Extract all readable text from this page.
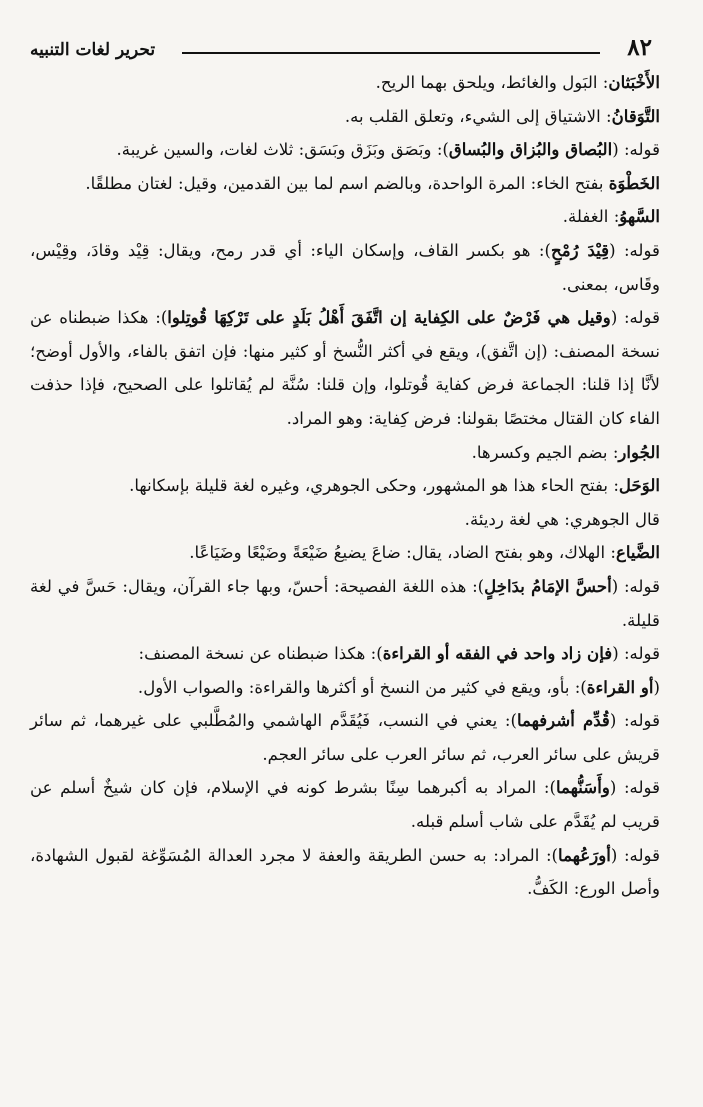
٨٢
تحرير لغات التنبيه

الأَخْبَثان: البَول والغائط، ويلحق بهما الريح.

التَّوَقانُ: الاشتياق إلى الشيء، وتعلق القلب به.

قوله: (البُصاق والبُزاق والبُساق): وبَصَق وبَزَق وبَسَق: ثلاث لغات، والسين غريبة.

الخَطْوَة بفتح الخاء: المرة الواحدة، وبالضم اسم لما بين القدمين، وقيل: لغتان مطلقًا.

السَّهوُ: الغفلة.

قوله: (قِيْدَ رُمْحٍ): هو بكسر القاف، وإسكان الياء: أي قدر رمح، ويقال: قِيْد وقادَ، وقِيْس، وقَاس، بمعنى.

قوله: (وقيل هي فَرْضٌ على الكِفاية إن اتَّفَقَ أَهْلُ بَلَدٍ على تَرْكِهَا قُوتِلوا): هكذا ضبطناه عن نسخة المصنف: (إن اتَّفق)، ويقع في أكثر النُّسخ أو كثير منها: فإن اتفق بالفاء، والأول أوضح؛ لأنَّا إذا قلنا: الجماعة فرض كفاية قُوتلوا، وإن قلنا: سُنَّة لم يُقاتلوا على الصحيح، فإذا حذفت الفاء كان القتال مختصًا بقولنا: فرض كِفاية: وهو المراد.

الجُوار: بضم الجيم وكسرها.

الوَحَل: بفتح الحاء هذا هو المشهور، وحكى الجوهري، وغيره لغة قليلة بإسكانها.

قال الجوهري: هي لغة رديئة.

الضَّياع: الهلاك، وهو بفتح الضاد، يقال: ضاعَ يضيعُ ضَيْعَةً وضَيْعًا وضَيَاعًا.

قوله: (أحسَّ الإمَامُ بدَاخِلٍ): هذه اللغة الفصيحة: أحسّ، وبها جاء القرآن، ويقال: حَسَّ في لغة قليلة.

قوله: (فإن زاد واحد في الفقه أو القراءة): هكذا ضبطناه عن نسخة المصنف:

(أو القراءة): بأو، ويقع في كثير من النسخ أو أكثرها والقراءة: والصواب الأول.

قوله: (قُدِّم أشرفهما): يعني في النسب، فَيُقَدَّم الهاشمي والمُطَّلبي على غيرهما، ثم سائر قريش على سائر العرب، ثم سائر العرب على سائر العجم.

قوله: (وأَسَنُّهما): المراد به أكبرهما سِنًا بشرط كونه في الإسلام، فإن كان شيخٌ أسلم عن قريب لم يُقَدَّم على شاب أسلم قبله.

قوله: (أورَعُهما): المراد: به حسن الطريقة والعفة لا مجرد العدالة المُسَوِّغة لقبول الشهادة، وأصل الورع: الكَفُّ.
